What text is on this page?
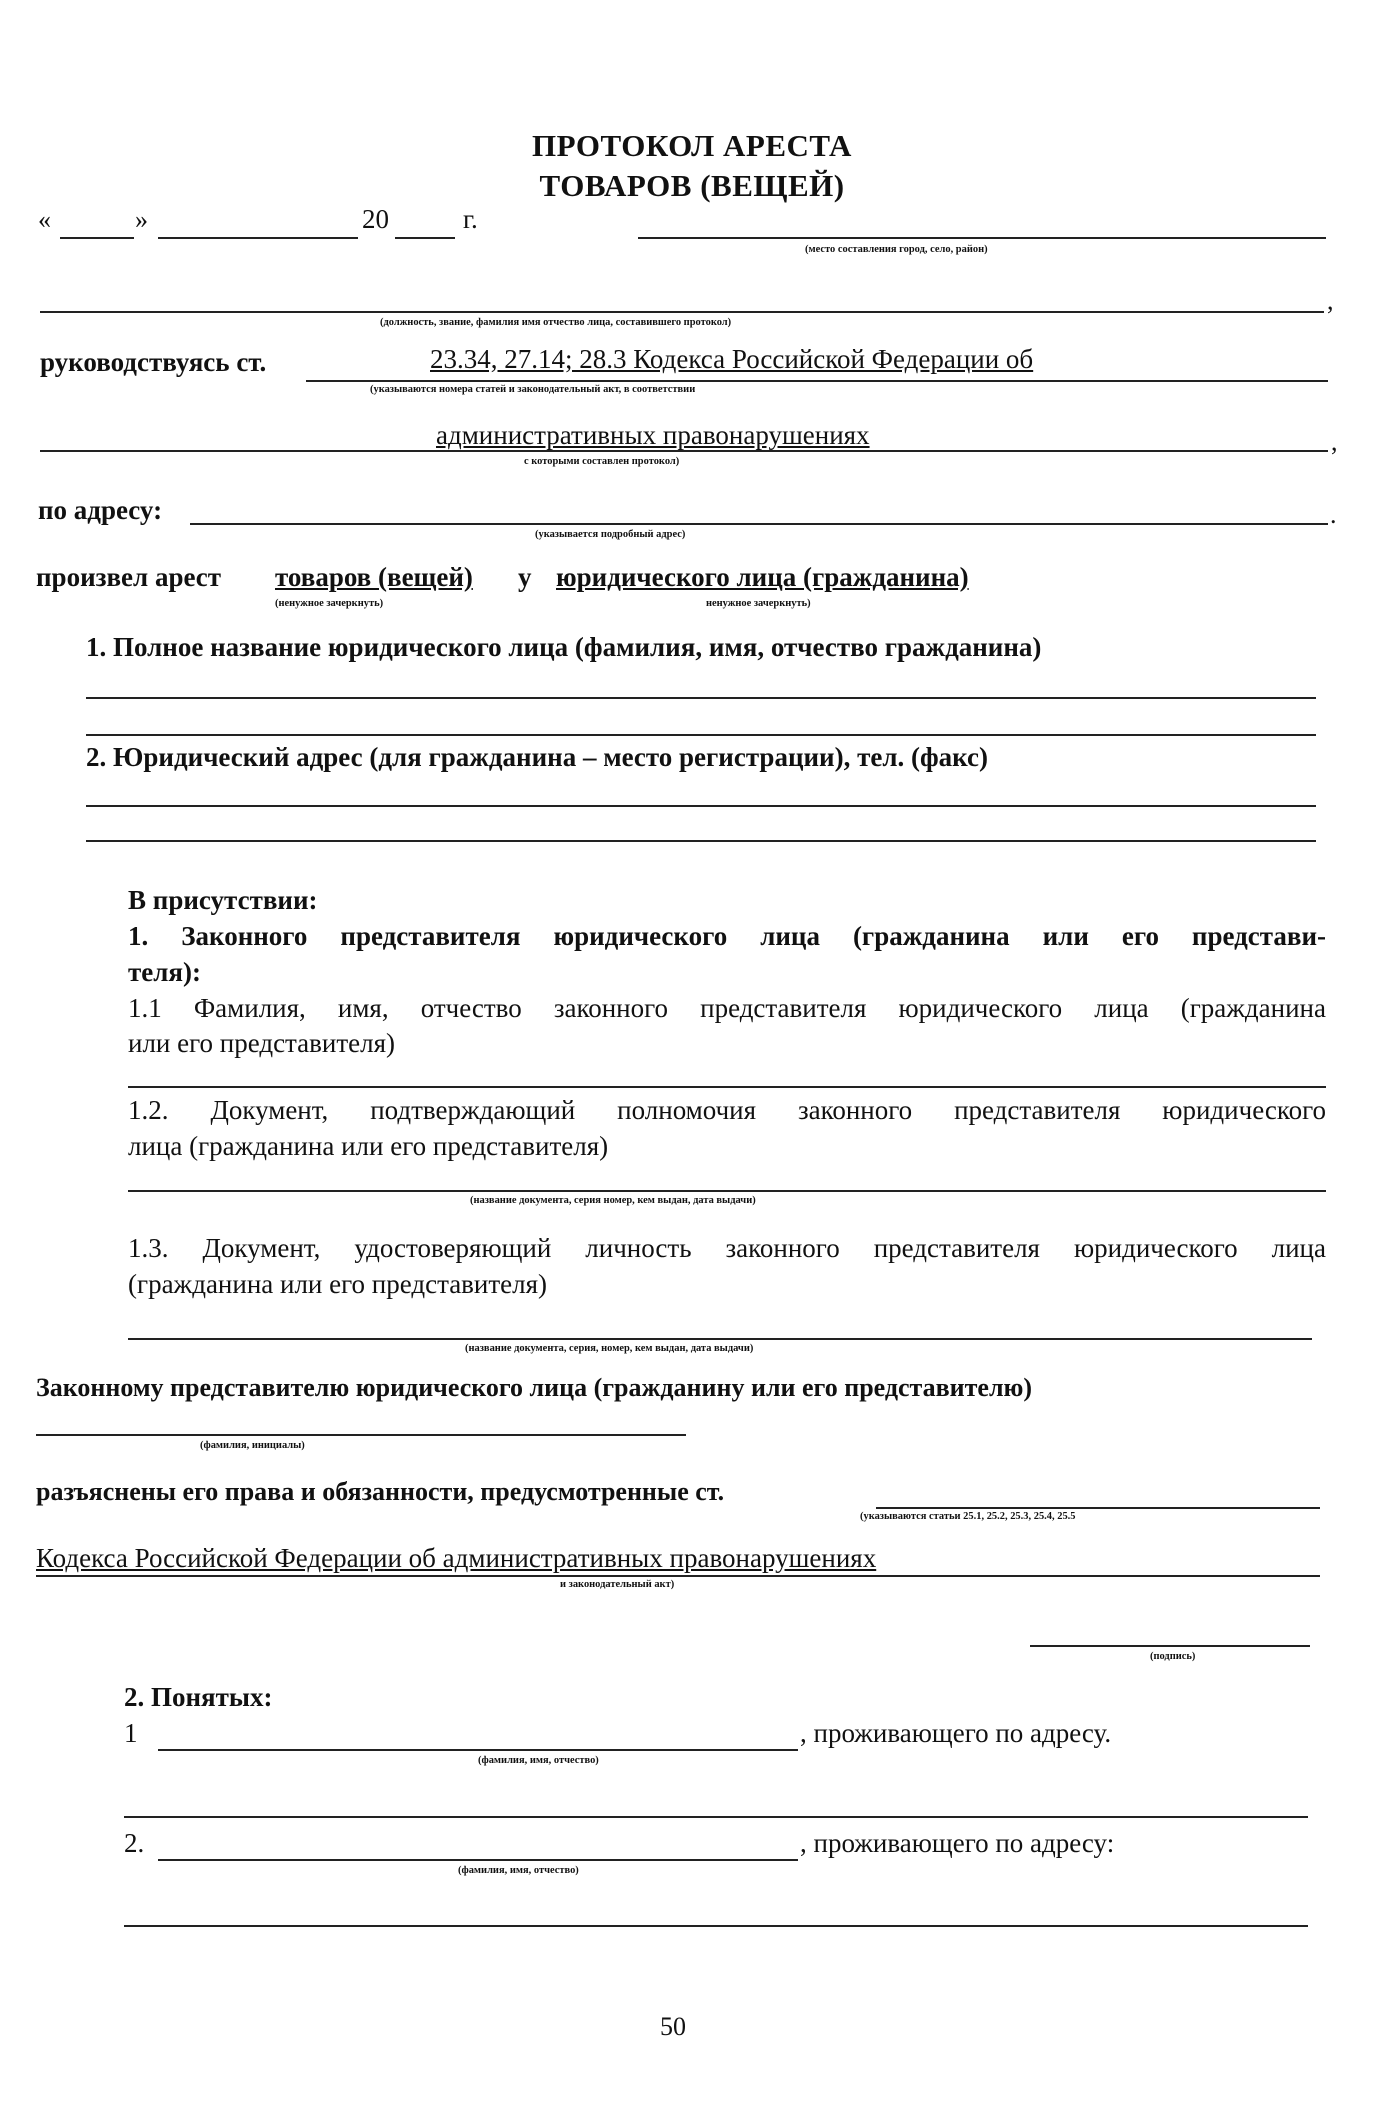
ПРОТОКОЛ АРЕСТА
ТОВАРОВ (ВЕЩЕЙ)
«	»	20	г.
(место составления город, село, район)
,
(должность, звание, фамилия имя отчество лица, составившего протокол)
руководствуясь ст.	23.34, 27.14; 28.3 Кодекса Российской Федерации об
(указываются номера статей и законодательный акт, в соответствии
административных правонарушениях	,
с которыми составлен протокол)
по адресу:	.
(указывается подробный адрес)
произвел арест товаров (вещей) у юридического лица (гражданина)
(ненужное зачеркнуть)	ненужное зачеркнуть)
1. Полное название юридического лица (фамилия, имя, отчество гражданина)
2. Юридический адрес (для гражданина – место регистрации), тел. (факс)
В присутствии:
1. Законного представителя юридического лица (гражданина или его представи-
теля):
1.1 Фамилия, имя, отчество законного представителя юридического лица (гражданина
или его представителя)
1.2. Документ, подтверждающий полномочия законного представителя юридического
лица (гражданина или его представителя)
(название документа, серия номер, кем выдан, дата выдачи)
1.3. Документ, удостоверяющий личность законного представителя юридического лица
(гражданина или его представителя)
(название документа, серия, номер, кем выдан, дата выдачи)
Законному представителю юридического лица (гражданину или его представителю)
(фамилия, инициалы)
разъяснены его права и обязанности, предусмотренные ст.
(указываются статьи 25.1, 25.2, 25.3, 25.4, 25.5
Кодекса Российской Федерации об административных правонарушениях
и законодательный акт)
(подпись)
2. Понятых:
1	, проживающего по адресу.
(фамилия, имя, отчество)
2.	, проживающего по адресу:
(фамилия, имя, отчество)
50
